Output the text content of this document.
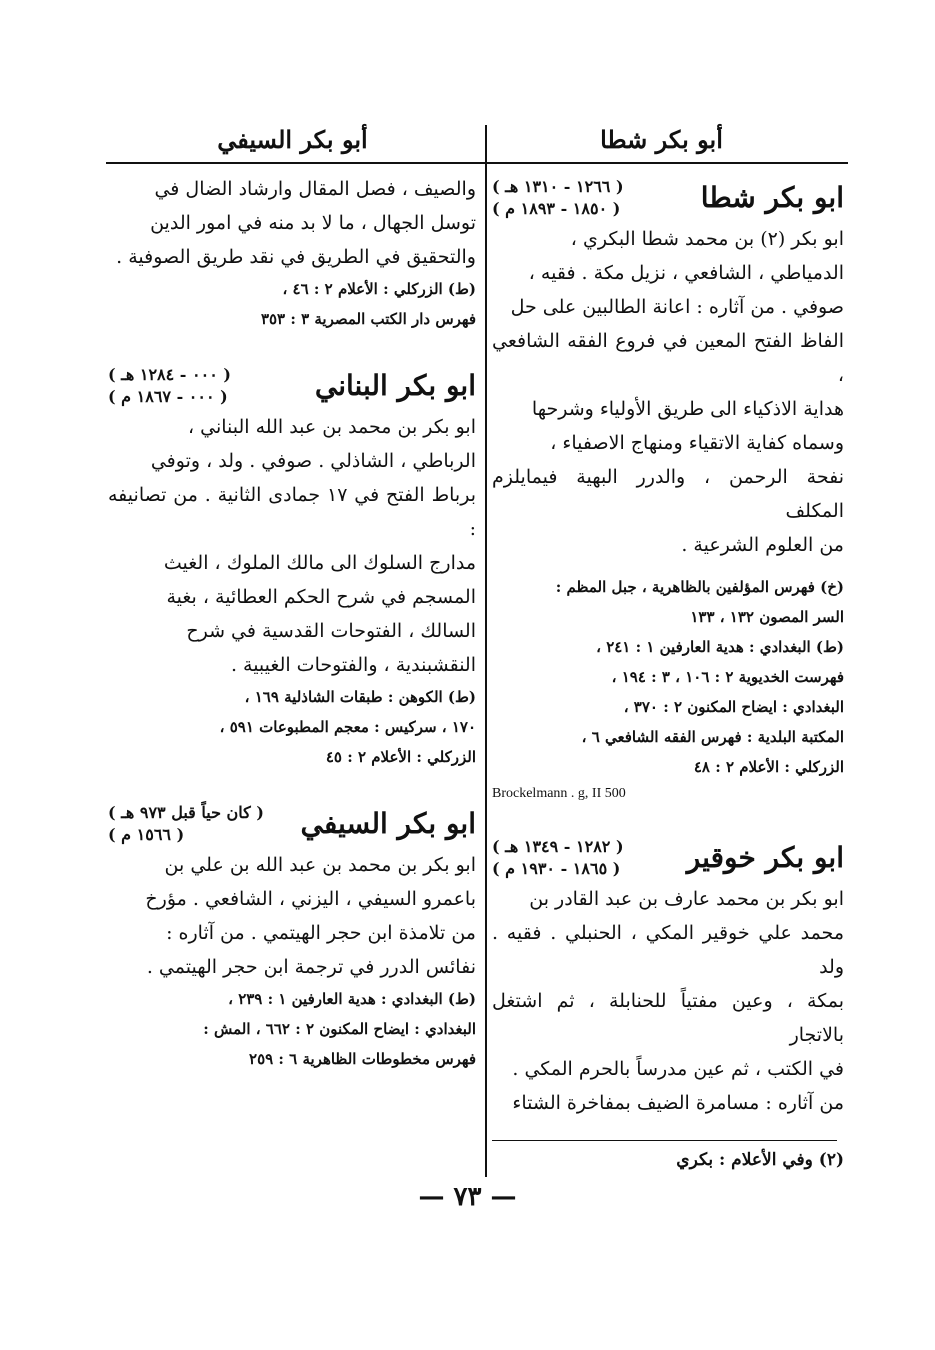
أبو بكر شطا
أبو بكر السيفي
ابو بكر شطا
( ١٢٦٦ - ١٣١٠ هـ )
( ١٨٥٠ - ١٨٩٣ م )

ابو بكر (٢) بن محمد شطا البكري ،

الدمياطي ، الشافعي ، نزيل مكة . فقيه ،

صوفي . من آثاره : اعانة الطالبين على حل

الفاظ الفتح المعين في فروع الفقه الشافعي ،

هداية الاذكياء الى طريق الأولياء وشرحها

وسماه كفاية الاتقياء ومنهاج الاصفياء ،

نفحة الرحمن ، والدرر البهية فيمايلزم المكلف

من العلوم الشرعية .

(خ) فهرس المؤلفين بالظاهرية ، جبل المظم :

السر المصون ١٣٢ ، ١٣٣

(ط) البغدادي : هدية العارفين ١ : ٢٤١ ،

فهرست الخديوية ٢ : ١٠٦ ، ٣ : ١٩٤ ،

البغدادي : ايضاح المكنون ٢ : ٣٧٠ ،

المكتبة البلدية : فهرس الفقه الشافعي ٦ ،

الزركلي : الأعلام ٢ : ٤٨

Brockelmann . g, II 500
ابو بكر خوقير
( ١٢٨٢ - ١٣٤٩ هـ )
( ١٨٦٥ - ١٩٣٠ م )

ابو بكر بن محمد عارف بن عبد القادر بن

محمد علي خوقير المكي ، الحنبلي . فقيه . ولد

بمكة ، وعين مفتياً للحنابلة ، ثم اشتغل بالاتجار

في الكتب ، ثم عين مدرساً بالحرم المكي .

من آثاره : مسامرة الضيف بمفاخرة الشتاء

(٢) وفي الأعلام : بكري

والصيف ، فصل المقال وارشاد الضال في

توسل الجهال ، ما لا بد منه في امور الدين

والتحقيق في الطريق في نقد طريق الصوفية .

(ط) الزركلي : الأعلام ٢ : ٤٦ ،

فهرس دار الكتب المصرية ٣ : ٣٥٣

ابو بكر البناني
( ٠٠٠ - ١٢٨٤ هـ )
( ٠٠٠ - ١٨٦٧ م )

ابو بكر بن محمد بن عبد الله البناني ،

الرباطي ، الشاذلي . صوفي . ولد ، وتوفي

برباط الفتح في ١٧ جمادى الثانية . من تصانيفه :

مدارج السلوك الى مالك الملوك ، الغيث

المسجم في شرح الحكم العطائية ، بغية

السالك ، الفتوحات القدسية في شرح

النقشبندية ، والفتوحات الغيبية .

(ط) الكوهن : طبقات الشاذلية ١٦٩ ،

١٧٠ ، سركيس : معجم المطبوعات ٥٩١ ،

الزركلي : الأعلام ٢ : ٤٥

ابو بكر السيفي
( كان حياً قبل ٩٧٣ هـ )
( ١٥٦٦ م )

ابو بكر بن محمد بن عبد الله بن علي بن

باعمرو السيفي ، اليزني ، الشافعي . مؤرخ

من تلامذة ابن حجر الهيتمي . من آثاره :

نفائس الدرر في ترجمة ابن حجر الهيتمي .

(ط) البغدادي : هدية العارفين ١ : ٢٣٩ ،

البغدادي : ايضاح المكنون ٢ : ٦٦٢ ، المش :

فهرس مخطوطات الظاهرية ٦ : ٢٥٩

— ٧٣ —
